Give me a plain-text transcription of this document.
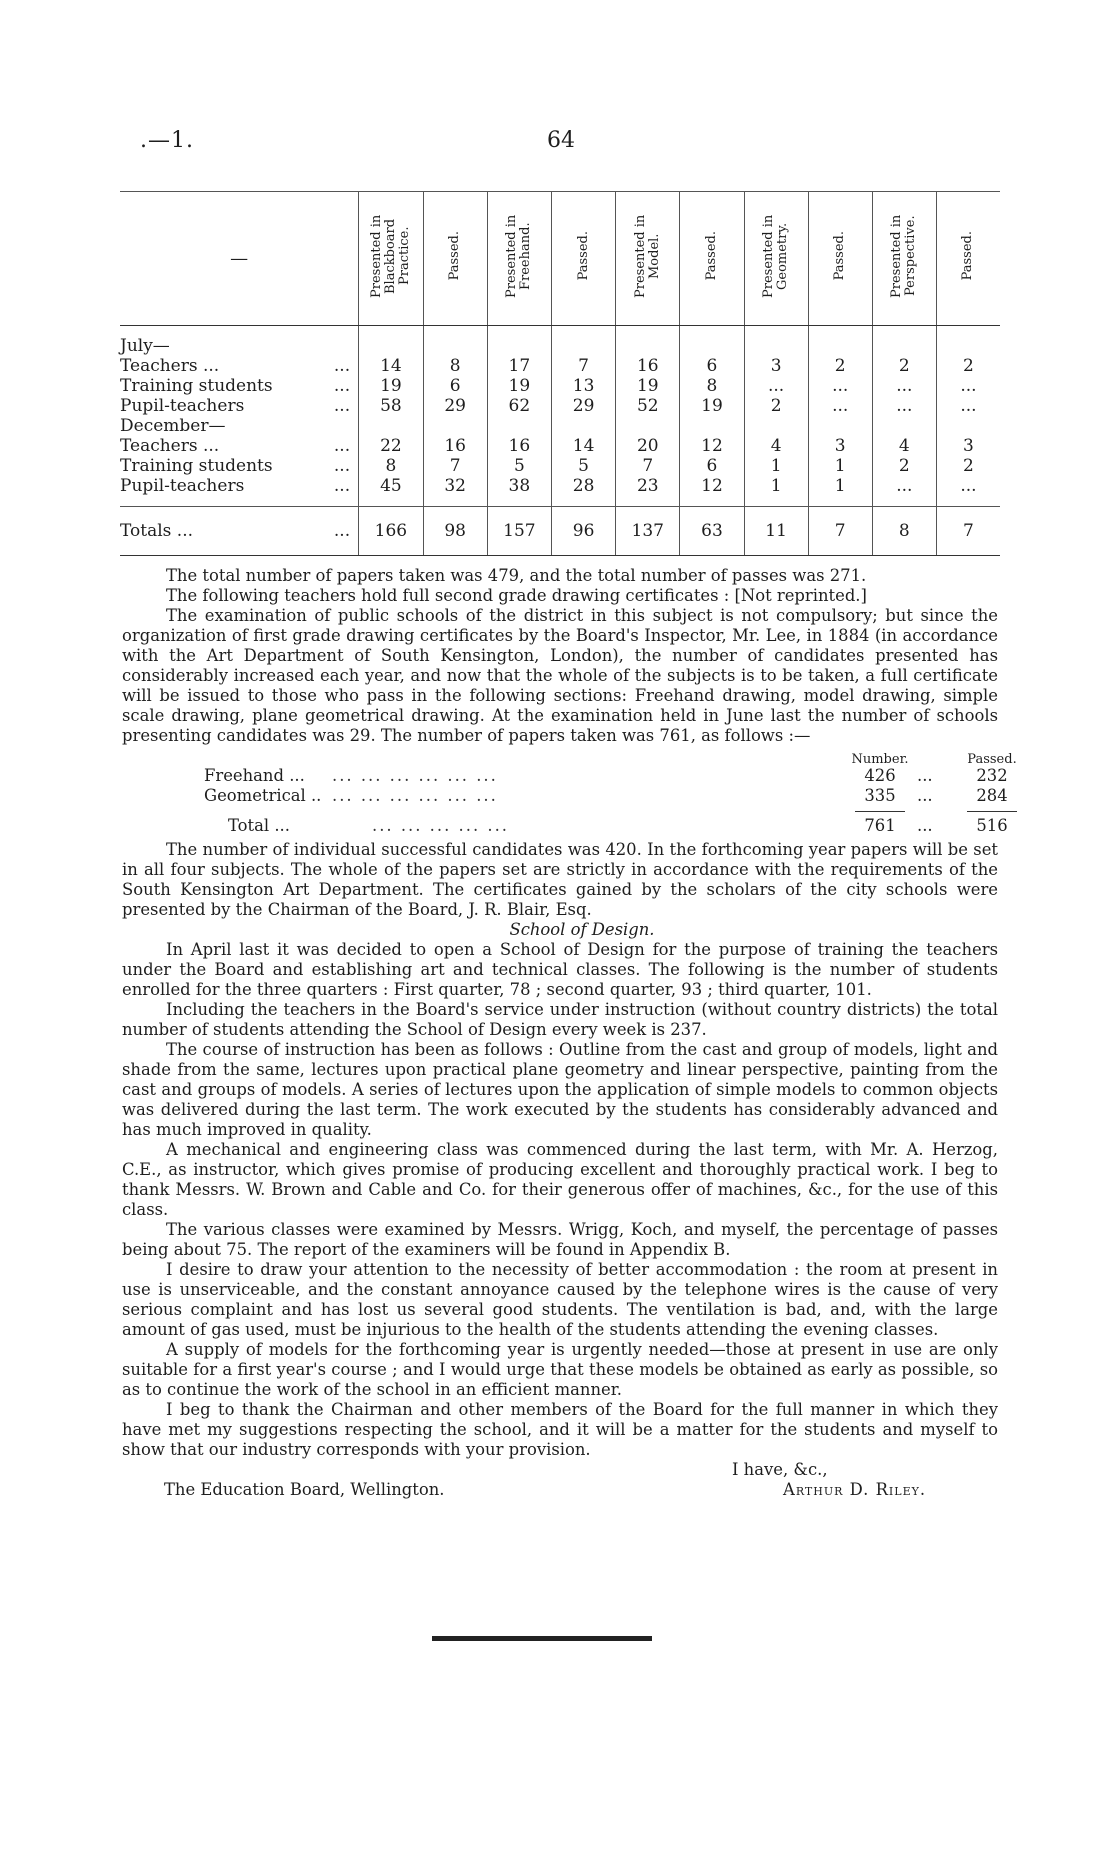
.—1.	64
—	Presented in Blackboard Practice.	Passed.	Presented in Freehand.	Passed.	Presented in Model.	Passed.	Presented in Geometry.	Passed.	Presented in Perspective.	Passed.
July—										
Teachers ... ...	14	8	17	7	16	6	3	2	2	2
Training students ...	19	6	19	13	19	8	...	...	...	...
Pupil-teachers ...	58	29	62	29	52	19	2	...	...	...
December—										
Teachers ... ...	22	16	16	14	20	12	4	3	4	3
Training students ...	8	7	5	5	7	6	1	1	2	2
Pupil-teachers ...	45	32	38	28	23	12	1	1	...	...

Totals ... ...	166	98	157	96	137	63	11	7	8	7

The total number of papers taken was 479, and the total number of passes was 271.

The following teachers hold full second grade drawing certificates : [Not reprinted.]

The examination of public schools of the district in this subject is not compulsory; but since the organization of first grade drawing certificates by the Board's Inspector, Mr. Lee, in 1884 (in accordance with the Art Department of South Kensington, London), the number of candidates presented has considerably increased each year, and now that the whole of the subjects is to be taken, a full certificate will be issued to those who pass in the following sections: Freehand drawing, model drawing, simple scale drawing, plane geometrical drawing. At the examination held in June last the number of schools presenting candidates was 29. The number of papers taken was 761, as follows :—

Number.	Passed.
Freehand ... ... ... ... ... ... ...	426	...	232
Geometrical .. ... ... ... ... ... ...	335	...	284
Total ...	... ... ... ... ...	761	...	516

The number of individual successful candidates was 420. In the forthcoming year papers will be set in all four subjects. The whole of the papers set are strictly in accordance with the requirements of the South Kensington Art Department. The certificates gained by the scholars of the city schools were presented by the Chairman of the Board, J. R. Blair, Esq.

School of Design.

In April last it was decided to open a School of Design for the purpose of training the teachers under the Board and establishing art and technical classes. The following is the number of students enrolled for the three quarters : First quarter, 78 ; second quarter, 93 ; third quarter, 101.

Including the teachers in the Board's service under instruction (without country districts) the total number of students attending the School of Design every week is 237.

The course of instruction has been as follows : Outline from the cast and group of models, light and shade from the same, lectures upon practical plane geometry and linear perspective, painting from the cast and groups of models. A series of lectures upon the application of simple models to common objects was delivered during the last term. The work executed by the students has considerably advanced and has much improved in quality.

A mechanical and engineering class was commenced during the last term, with Mr. A. Herzog, C.E., as instructor, which gives promise of producing excellent and thoroughly practical work. I beg to thank Messrs. W. Brown and Cable and Co. for their generous offer of machines, &c., for the use of this class.

The various classes were examined by Messrs. Wrigg, Koch, and myself, the percentage of passes being about 75. The report of the examiners will be found in Appendix B.

I desire to draw your attention to the necessity of better accommodation : the room at present in use is unserviceable, and the constant annoyance caused by the telephone wires is the cause of very serious complaint and has lost us several good students. The ventilation is bad, and, with the large amount of gas used, must be injurious to the health of the students attending the evening classes.

A supply of models for the forthcoming year is urgently needed—those at present in use are only suitable for a first year's course ; and I would urge that these models be obtained as early as possible, so as to continue the work of the school in an efficient manner.

I beg to thank the Chairman and other members of the Board for the full manner in which they have met my suggestions respecting the school, and it will be a matter for the students and myself to show that our industry corresponds with your provision.

I have, &c.,
The Education Board, Wellington.	Arthur D. Riley.
